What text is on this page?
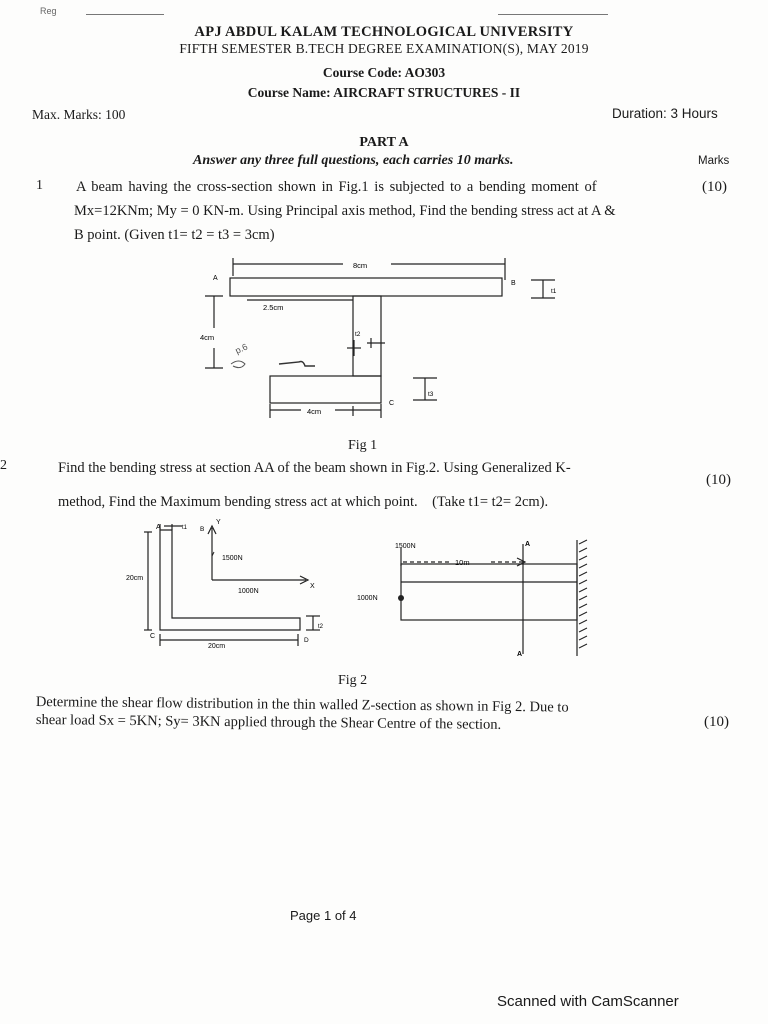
Reg
APJ ABDUL KALAM TECHNOLOGICAL UNIVERSITY
FIFTH SEMESTER B.TECH DEGREE EXAMINATION(S), MAY 2019
Course Code: AO303
Course Name: AIRCRAFT STRUCTURES - II
Max. Marks: 100	Duration: 3 Hours
PART A
Answer any three full questions, each carries 10 marks.	Marks
1 A beam having the cross-section shown in Fig.1 is subjected to a bending moment of
Mx=12KNm; My = 0 KN-m. Using Principal axis method, Find the bending stress act at A &
B point. (Given t1= t2 = t3 = 3cm)
(10)
8cm
A
B
C
2.5cm
4cm	t2
t1
t3
4cm
p.6
Fig 1
2	Find the bending stress at section AA of the beam shown in Fig.2. Using Generalized K-
method, Find the Maximum bending stress act at which point.    (Take t1= t2= 2cm).
(10)
A	t1 B
Y
1500N
X
1000N
20cm
C
D
t2
20cm
1500N
1000N
10m
A
A
Fig 2
Determine the shear flow distribution in the thin walled Z-section as shown in Fig 2. Due to
shear load Sx = 5KN; Sy= 3KN applied through the Shear Centre of the section.	(10)
Page 1 of 4
Scanned with CamScanner
